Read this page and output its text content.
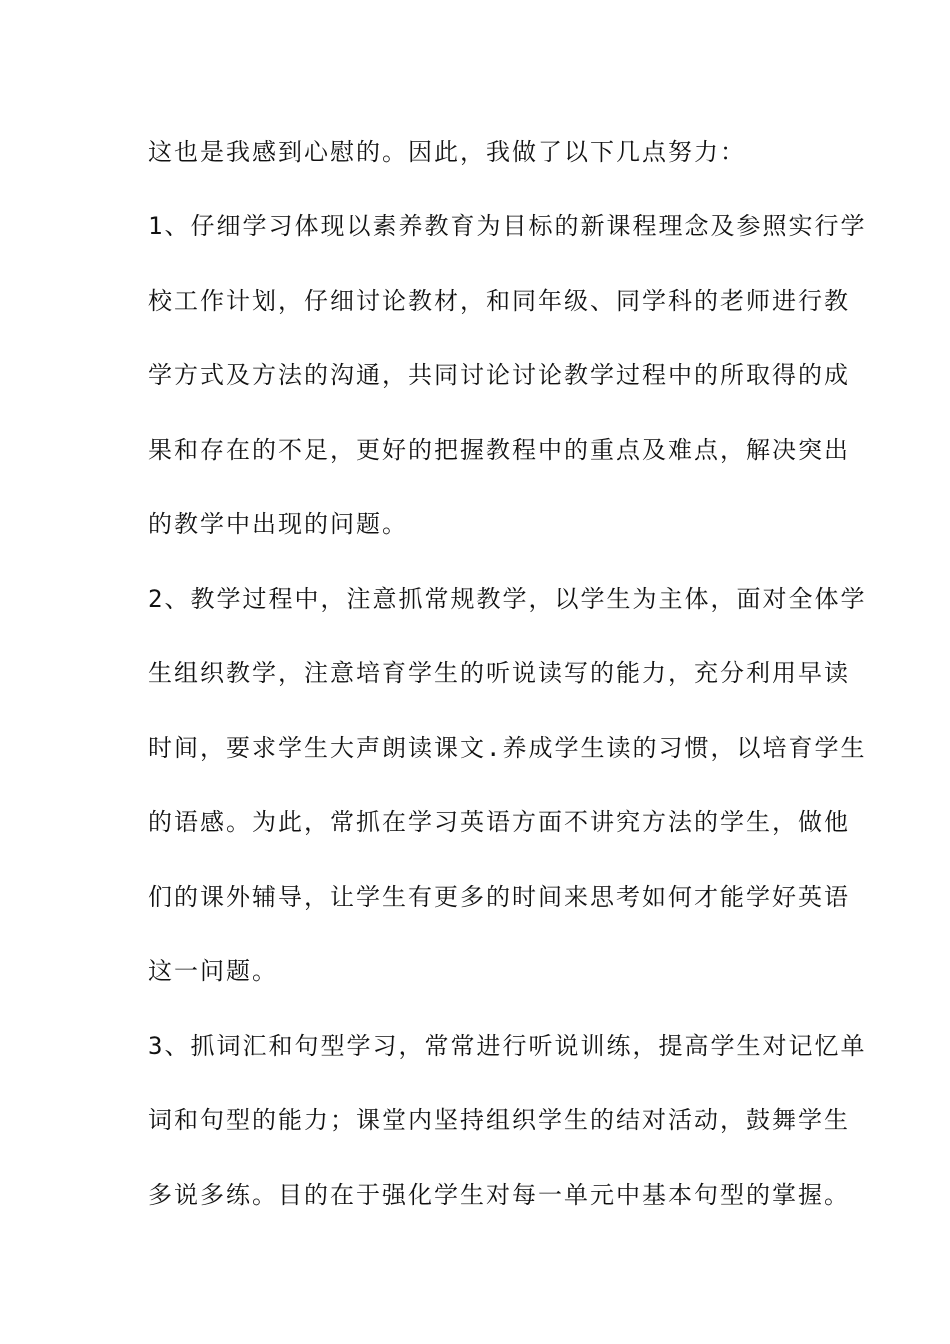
这也是我感到心慰的。因此，我做了以下几点努力：
1、仔细学习体现以素养教育为目标的新课程理念及参照实行学
校工作计划，仔细讨论教材，和同年级、同学科的老师进行教
学方式及方法的沟通，共同讨论讨论教学过程中的所取得的成
果和存在的不足，更好的把握教程中的重点及难点，解决突出
的教学中出现的问题。
2、教学过程中，注意抓常规教学，以学生为主体，面对全体学
生组织教学，注意培育学生的听说读写的能力，充分利用早读
时间，要求学生大声朗读课文.养成学生读的习惯，以培育学生
的语感。为此，常抓在学习英语方面不讲究方法的学生，做他
们的课外辅导，让学生有更多的时间来思考如何才能学好英语
这一问题。
3、抓词汇和句型学习，常常进行听说训练，提高学生对记忆单
词和句型的能力；课堂内坚持组织学生的结对活动，鼓舞学生
多说多练。目的在于强化学生对每一单元中基本句型的掌握。
